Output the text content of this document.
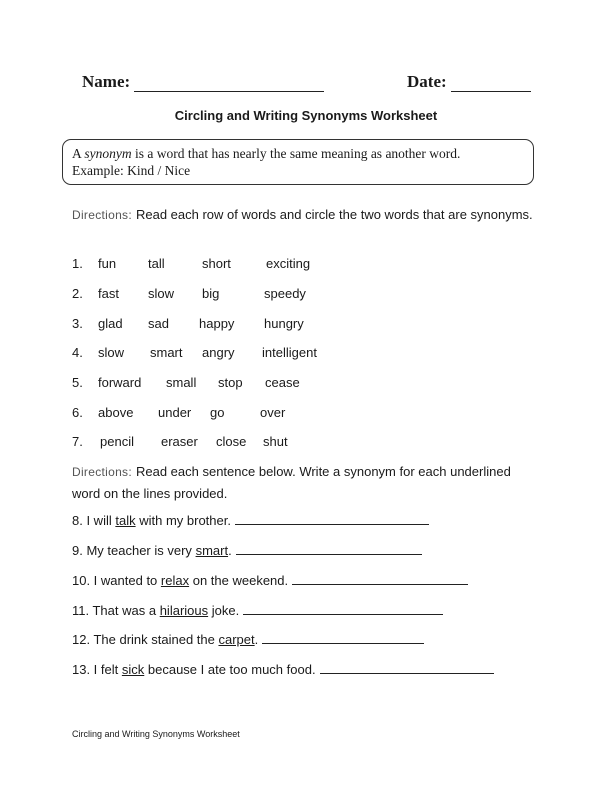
Name:	Date:
Circling and Writing Synonyms Worksheet
A synonym is a word that has nearly the same meaning as another word.
Example: Kind / Nice
Directions: Read each row of words and circle the two words that are synonyms.
1. fun tall	short	exciting
2. fast slow big	speedy
3. glad sad happy hungry
4. slow smart angry intelligent
5. forward small stop cease
6. above under go	over
7. pencil eraser close shut
Directions: Read each sentence below. Write a synonym for each underlined word on the lines provided.
8. I will talk with my brother.
9. My teacher is very smart.
10. I wanted to relax on the weekend.
11. That was a hilarious joke.
12. The drink stained the carpet.
13. I felt sick because I ate too much food.
Circling and Writing Synonyms Worksheet
